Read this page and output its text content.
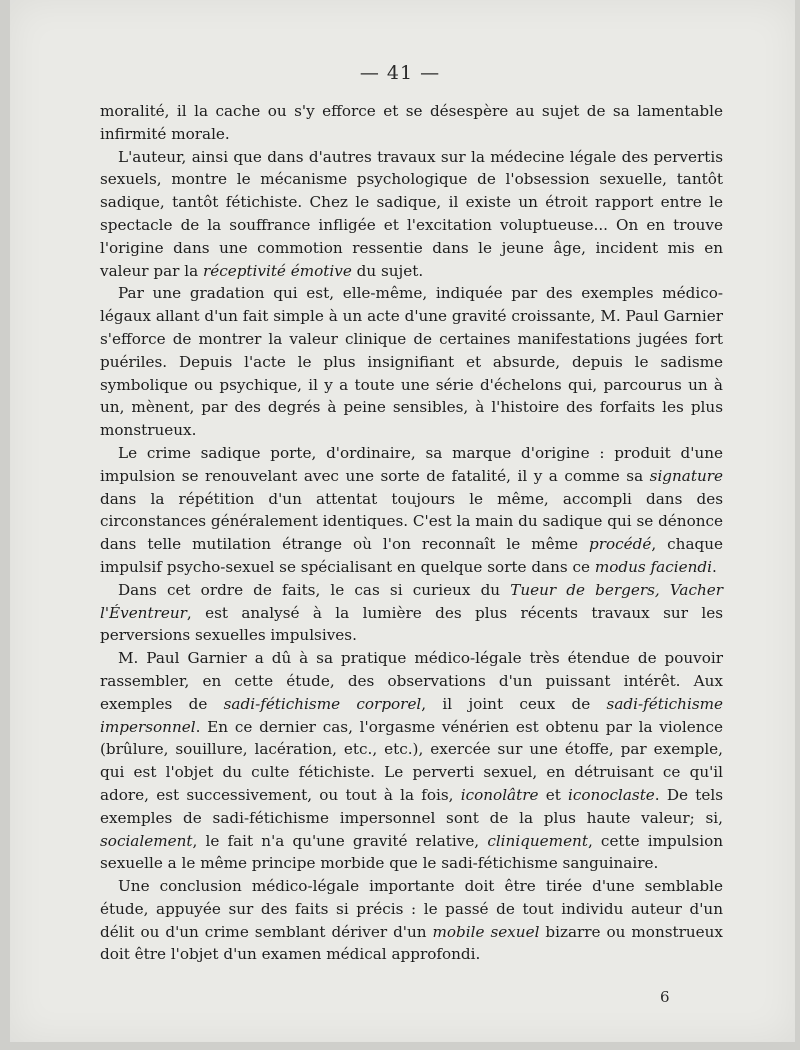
— 41 —

moralité, il la cache ou s'y efforce et se désespère au sujet de sa lamentable infirmité morale.

L'auteur, ainsi que dans d'autres travaux sur la médecine légale des pervertis sexuels, montre le mécanisme psychologique de l'obsession sexuelle, tantôt sadique, tantôt fétichiste. Chez le sadique, il existe un étroit rapport entre le spectacle de la souffrance infligée et l'excitation voluptueuse... On en trouve l'origine dans une commotion ressentie dans le jeune âge, incident mis en valeur par la réceptivité émotive du sujet.

Par une gradation qui est, elle-même, indiquée par des exemples médico-légaux allant d'un fait simple à un acte d'une gravité croissante, M. Paul Garnier s'efforce de montrer la valeur clinique de certaines manifestations jugées fort puériles. Depuis l'acte le plus insignifiant et absurde, depuis le sadisme symbolique ou psychique, il y a toute une série d'échelons qui, parcourus un à un, mènent, par des degrés à peine sensibles, à l'histoire des forfaits les plus monstrueux.

Le crime sadique porte, d'ordinaire, sa marque d'origine : produit d'une impulsion se renouvelant avec une sorte de fatalité, il y a comme sa signature dans la répétition d'un attentat toujours le même, accompli dans des circonstances généralement identiques. C'est la main du sadique qui se dénonce dans telle mutilation étrange où l'on reconnaît le même procédé, chaque impulsif psycho-sexuel se spécialisant en quelque sorte dans ce modus faciendi.

Dans cet ordre de faits, le cas si curieux du Tueur de bergers, Vacher l'Éventreur, est analysé à la lumière des plus récents travaux sur les perversions sexuelles impulsives.

M. Paul Garnier a dû à sa pratique médico-légale très étendue de pouvoir rassembler, en cette étude, des observations d'un puissant intérêt. Aux exemples de sadi-fétichisme corporel, il joint ceux de sadi-fétichisme impersonnel. En ce dernier cas, l'orgasme vénérien est obtenu par la violence (brûlure, souillure, lacération, etc., etc.), exercée sur une étoffe, par exemple, qui est l'objet du culte fétichiste. Le perverti sexuel, en détruisant ce qu'il adore, est successivement, ou tout à la fois, iconolâtre et iconoclaste. De tels exemples de sadi-fétichisme impersonnel sont de la plus haute valeur; si, socialement, le fait n'a qu'une gravité relative, cliniquement, cette impulsion sexuelle a le même principe morbide que le sadi-fétichisme sanguinaire.

Une conclusion médico-légale importante doit être tirée d'une semblable étude, appuyée sur des faits si précis : le passé de tout individu auteur d'un délit ou d'un crime semblant dériver d'un mobile sexuel bizarre ou monstrueux doit être l'objet d'un examen médical approfondi.

6
